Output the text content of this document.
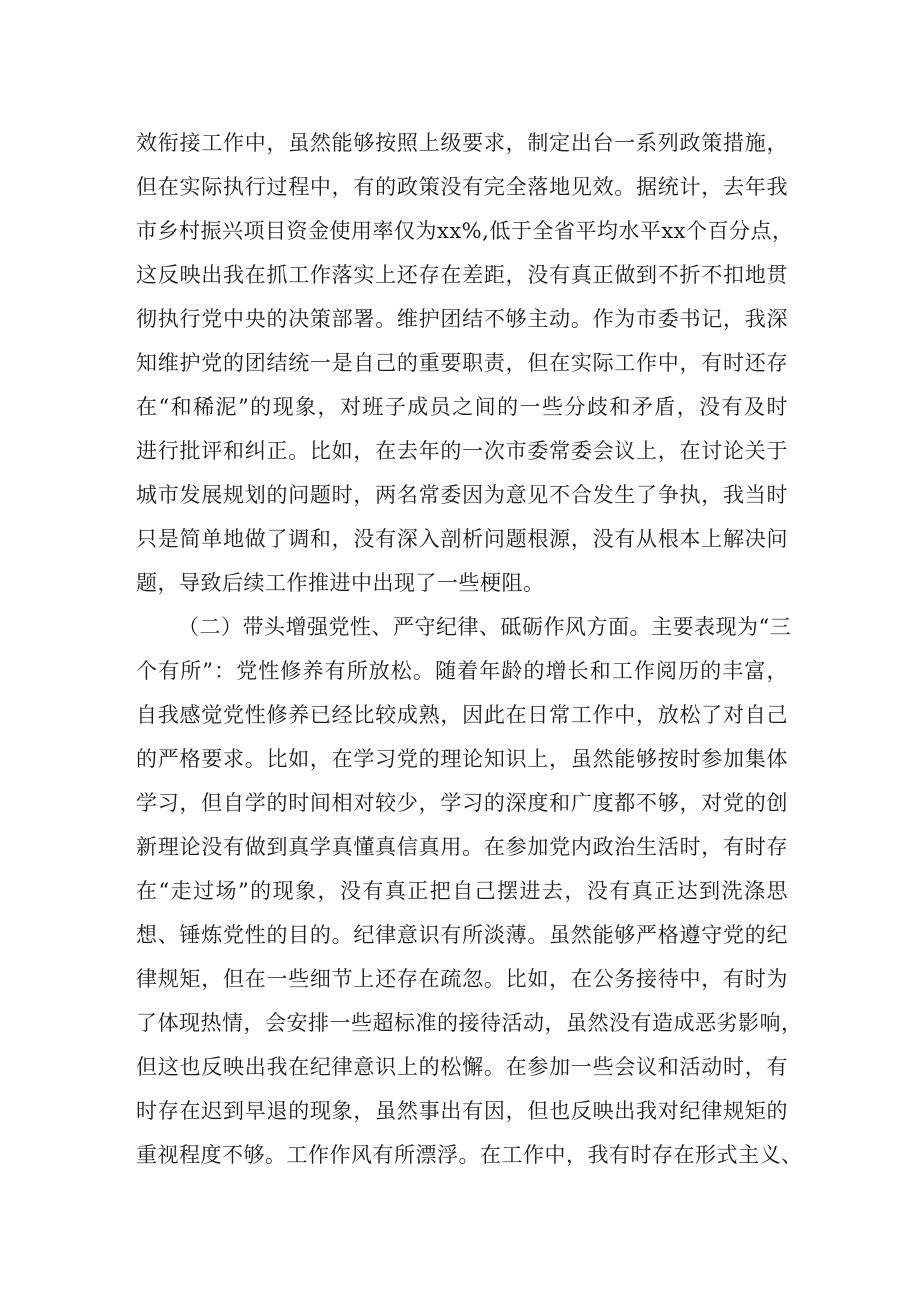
效衔接工作中，虽然能够按照上级要求，制定出台一系列政策措施，
但在实际执行过程中，有的政策没有完全落地见效。据统计，去年我
市乡村振兴项目资金使用率仅为xx%,低于全省平均水平xx个百分点，
这反映出我在抓工作落实上还存在差距，没有真正做到不折不扣地贯
彻执行党中央的决策部署。维护团结不够主动。作为市委书记，我深
知维护党的团结统一是自己的重要职责，但在实际工作中，有时还存
在“和稀泥”的现象，对班子成员之间的一些分歧和矛盾，没有及时
进行批评和纠正。比如，在去年的一次市委常委会议上，在讨论关于
城市发展规划的问题时，两名常委因为意见不合发生了争执，我当时
只是简单地做了调和，没有深入剖析问题根源，没有从根本上解决问
题，导致后续工作推进中出现了一些梗阻。
（二）带头增强党性、严守纪律、砥砺作风方面。主要表现为“三
个有所”：党性修养有所放松。随着年龄的增长和工作阅历的丰富，
自我感觉党性修养已经比较成熟，因此在日常工作中，放松了对自己
的严格要求。比如，在学习党的理论知识上，虽然能够按时参加集体
学习，但自学的时间相对较少，学习的深度和广度都不够，对党的创
新理论没有做到真学真懂真信真用。在参加党内政治生活时，有时存
在“走过场”的现象，没有真正把自己摆进去，没有真正达到洗涤思
想、锤炼党性的目的。纪律意识有所淡薄。虽然能够严格遵守党的纪
律规矩，但在一些细节上还存在疏忽。比如，在公务接待中，有时为
了体现热情，会安排一些超标准的接待活动，虽然没有造成恶劣影响，
但这也反映出我在纪律意识上的松懈。在参加一些会议和活动时，有
时存在迟到早退的现象，虽然事出有因，但也反映出我对纪律规矩的
重视程度不够。工作作风有所漂浮。在工作中，我有时存在形式主义、
